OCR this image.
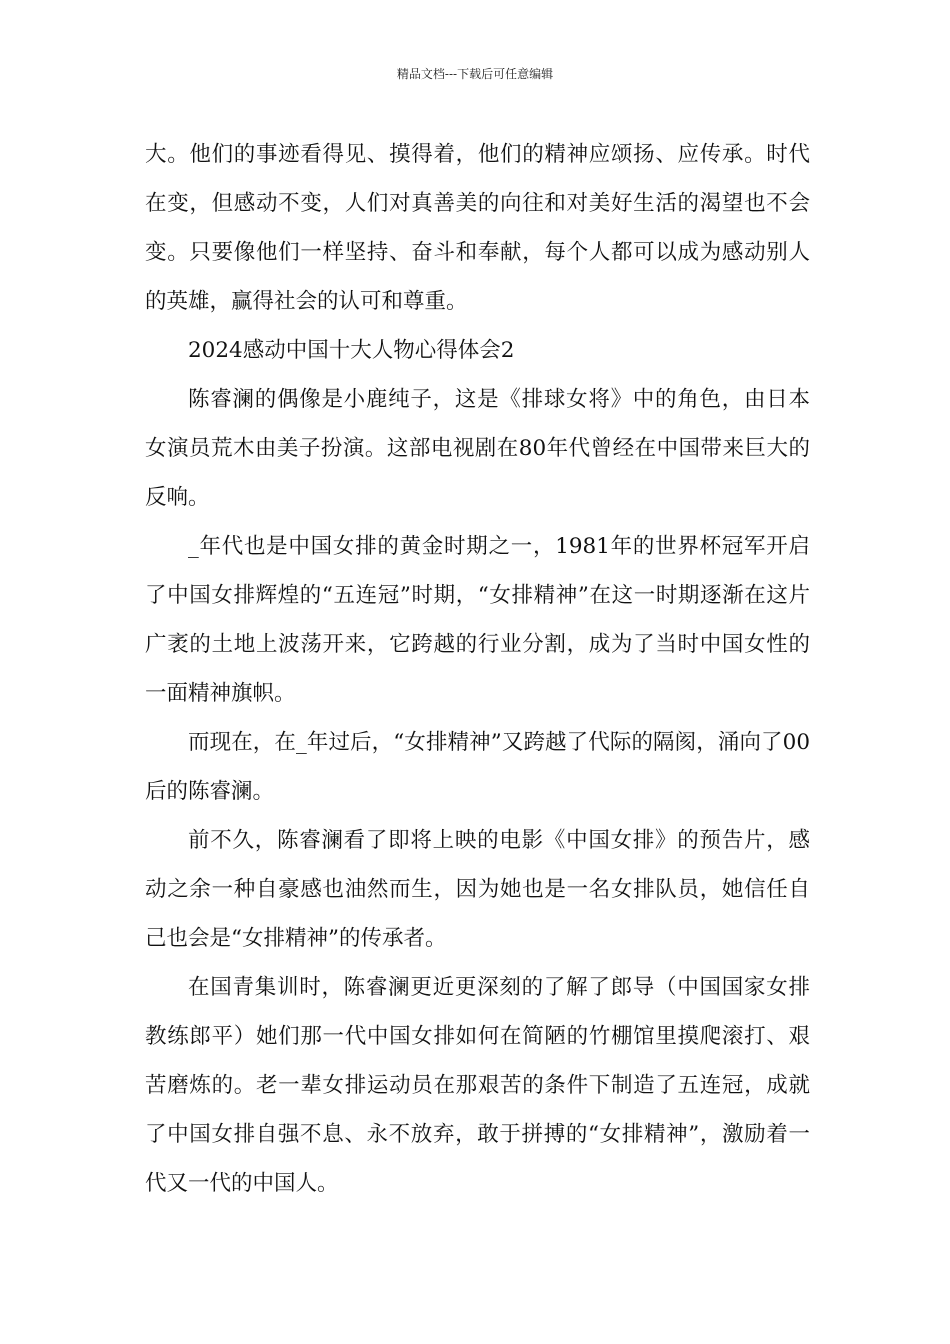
精品文档---下载后可任意编辑

大。他们的事迹看得见、摸得着，他们的精神应颂扬、应传承。时代在变，但感动不变，人们对真善美的向往和对美好生活的渴望也不会变。只要像他们一样坚持、奋斗和奉献，每个人都可以成为感动别人的英雄，赢得社会的认可和尊重。

2024感动中国十大人物心得体会2

陈睿澜的偶像是小鹿纯子，这是《排球女将》中的角色，由日本女演员荒木由美子扮演。这部电视剧在80年代曾经在中国带来巨大的反响。

_年代也是中国女排的黄金时期之一，1981年的世界杯冠军开启了中国女排辉煌的“五连冠”时期，“女排精神”在这一时期逐渐在这片广袤的土地上波荡开来，它跨越的行业分割，成为了当时中国女性的一面精神旗帜。

而现在，在_年过后，“女排精神”又跨越了代际的隔阂，涌向了00后的陈睿澜。

前不久，陈睿澜看了即将上映的电影《中国女排》的预告片，感动之余一种自豪感也油然而生，因为她也是一名女排队员，她信任自己也会是“女排精神”的传承者。

在国青集训时，陈睿澜更近更深刻的了解了郎导（中国国家女排教练郎平）她们那一代中国女排如何在简陋的竹棚馆里摸爬滚打、艰苦磨炼的。老一辈女排运动员在那艰苦的条件下制造了五连冠，成就了中国女排自强不息、永不放弃，敢于拼搏的“女排精神”，激励着一代又一代的中国人。
